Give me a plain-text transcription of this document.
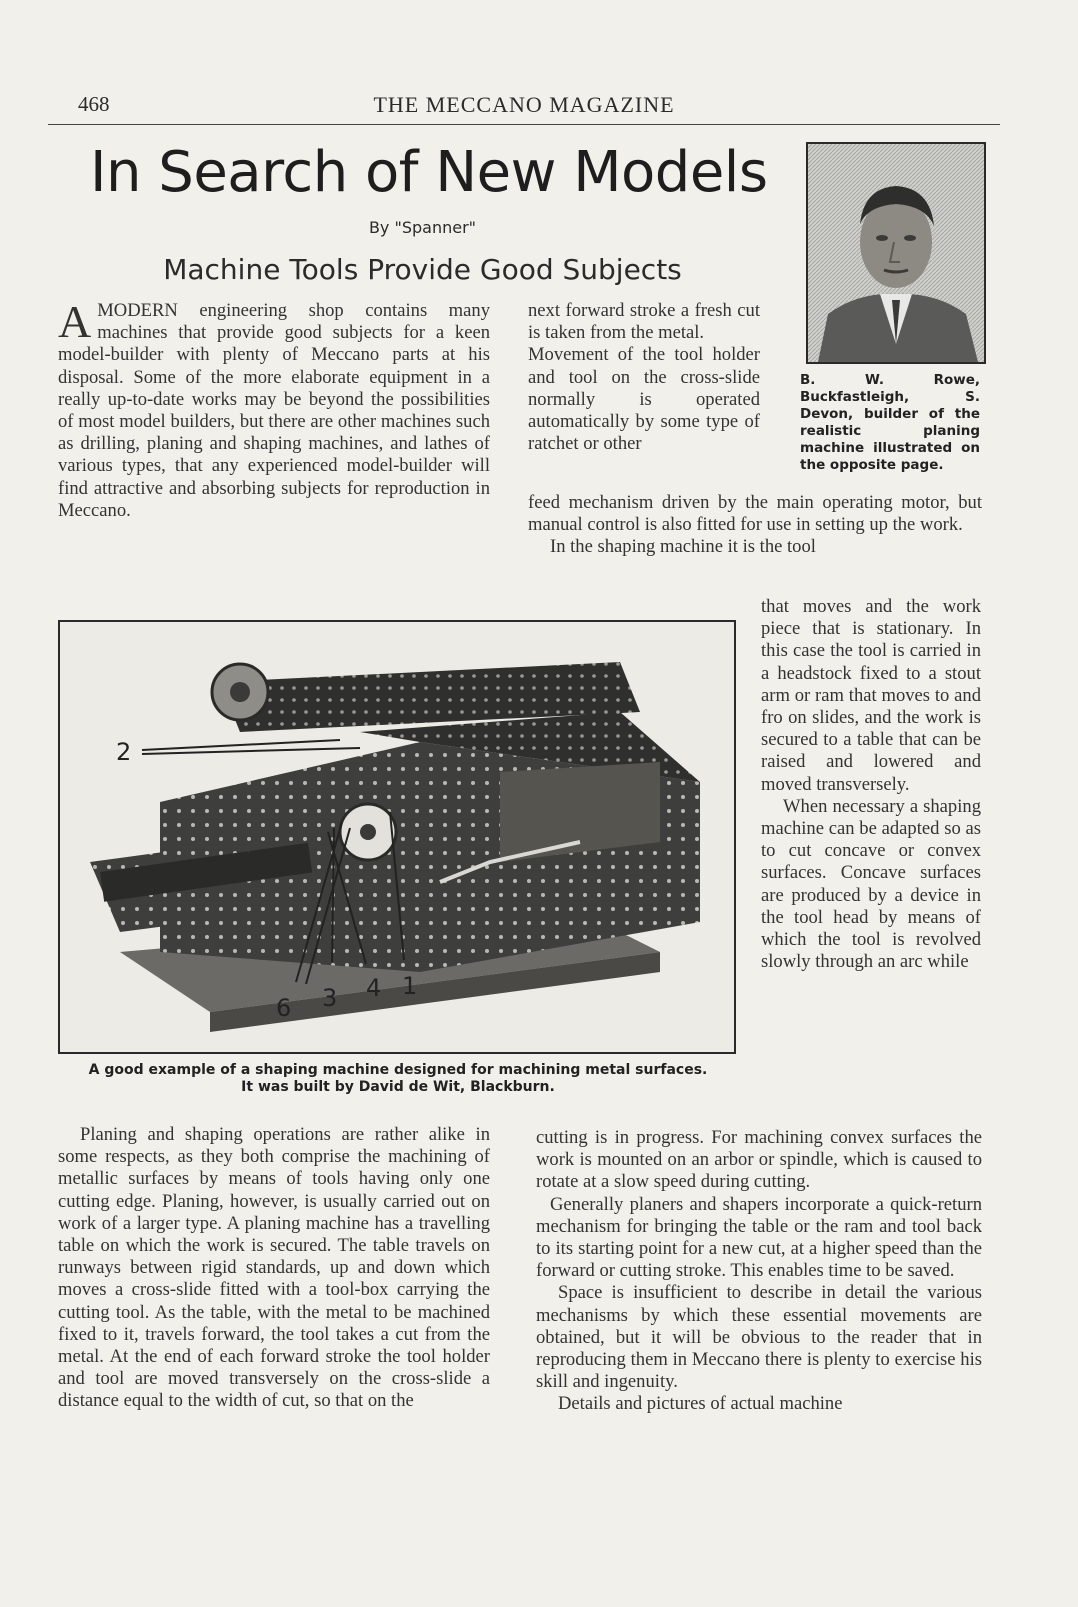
468	THE MECCANO MAGAZINE
In Search of New Models
By "Spanner"
Machine Tools Provide Good Subjects
AMODERN engineering shop contains many machines that provide good subjects for a keen model-builder with plenty of Meccano parts at his disposal. Some of the more elaborate equipment in a really up-to-date works may be beyond the possibilities of most model builders, but there are other machines such as drilling, planing and shaping machines, and lathes of various types, that any experienced model-builder will find attractive and absorbing subjects for reproduction in Meccano.
next forward stroke a fresh cut is taken from the metal.
Movement of the tool holder and tool on the cross-slide normally is operated automatically by some type of ratchet or other
B. W. Rowe, Buckfastleigh, S. Devon, builder of the realistic planing machine illustrated on the opposite page.
feed mechanism driven by the main operating motor, but manual control is also fitted for use in setting up the work.
In the shaping machine it is the tool
2
6 3 4 1
A good example of a shaping machine designed for machining metal surfaces.
It was built by David de Wit, Blackburn.
that moves and the work piece that is stationary. In this case the tool is carried in a headstock fixed to a stout arm or ram that moves to and fro on slides, and the work is secured to a table that can be raised and lowered and moved transversely.
When necessary a shaping machine can be adapted so as to cut concave or convex surfaces. Concave surfaces are produced by a device in the tool head by means of which the tool is revolved slowly through an arc while
Planing and shaping operations are rather alike in some respects, as they both comprise the machining of metallic surfaces by means of tools having only one cutting edge. Planing, however, is usually carried out on work of a larger type. A planing machine has a travelling table on which the work is secured. The table travels on runways between rigid standards, up and down which moves a cross-slide fitted with a tool-box carrying the cutting tool. As the table, with the metal to be machined fixed to it, travels forward, the tool takes a cut from the metal. At the end of each forward stroke the tool holder and tool are moved transversely on the cross-slide a distance equal to the width of cut, so that on the
cutting is in progress. For machining convex surfaces the work is mounted on an arbor or spindle, which is caused to rotate at a slow speed during cutting.
Generally planers and shapers incorporate a quick-return mechanism for bringing the table or the ram and tool back to its starting point for a new cut, at a higher speed than the forward or cutting stroke. This enables time to be saved.
Space is insufficient to describe in detail the various mechanisms by which these essential movements are obtained, but it will be obvious to the reader that in reproducing them in Meccano there is plenty to exercise his skill and ingenuity.
Details and pictures of actual machine
